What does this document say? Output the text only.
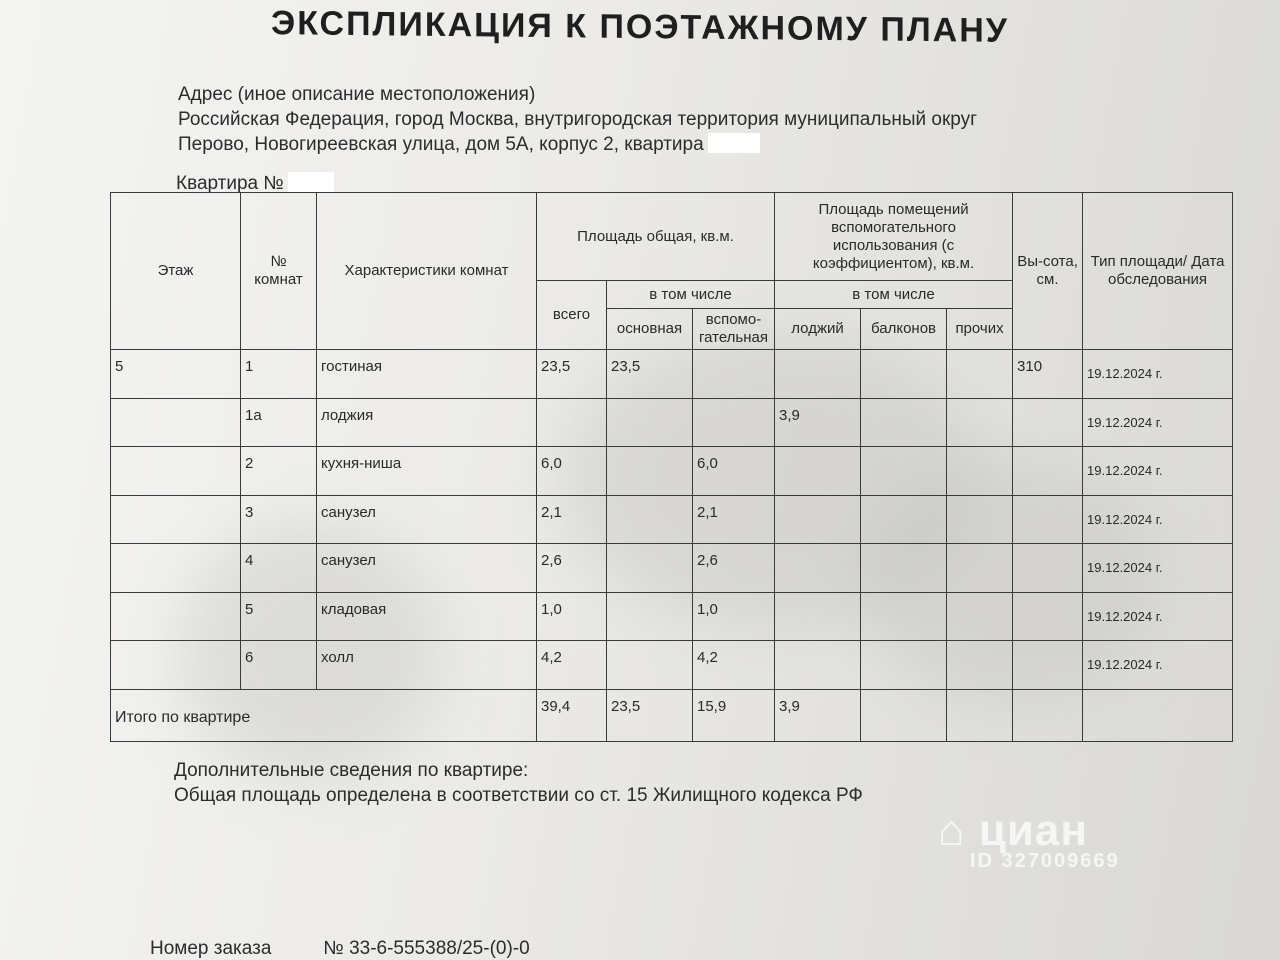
ЭКСПЛИКАЦИЯ К ПОЭТАЖНОМУ ПЛАНУ
Адрес (иное описание местоположения)
Российская Федерация, город Москва, внутригородская территория муниципальный округ
Перово, Новогиреевская улица, дом 5А, корпус 2, квартира
Квартира №
Этаж	№ комнат	Характеристики комнат	Площадь общая, кв.м.			Площадь помещений вспомогательного использования (с коэффициентом), кв.м.			Вы-сота, см.	Тип площади/ Дата обследования
			всего	в том числе		в том числе				
				основная	вспомо-гательная	лоджий	балконов	прочих		
5	1	гостиная	23,5	23,5					310	19.12.2024 г.
	1а	лоджия				3,9				19.12.2024 г.
	2	кухня-ниша	6,0		6,0					19.12.2024 г.
	3	санузел	2,1		2,1					19.12.2024 г.
	4	санузел	2,6		2,6					19.12.2024 г.
	5	кладовая	1,0		1,0					19.12.2024 г.
	6	холл	4,2		4,2					19.12.2024 г.
Итого по квартире			39,4	23,5	15,9	3,9				
Дополнительные сведения по квартире:
Общая площадь определена в соответствии со ст. 15 Жилищного кодекса РФ
⌂ циан
ID 327009669
Номер заказа	№ 33-6-555388/25-(0)-0
